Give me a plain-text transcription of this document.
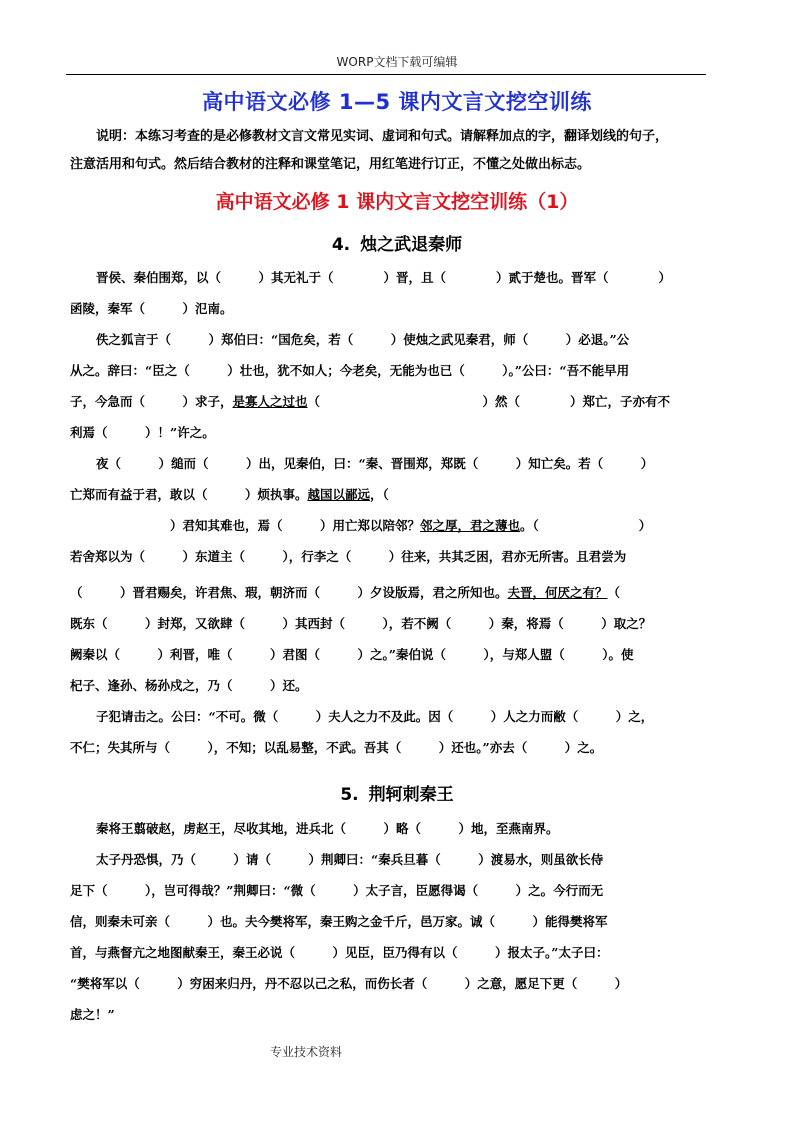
WORP文档下载可编辑
高中语文必修 1—5 课内文言文挖空训练

说明：本练习考查的是必修教材文言文常见实词、虚词和句式。请解释加点的字，翻译划线的句子，

注意活用和句式。然后结合教材的注释和课堂笔记，用红笔进行订正，不懂之处做出标志。
高中语文必修 1 课内文言文挖空训练（1）
4. 烛之武退秦师
晋侯、秦伯围郑，以（　　　）其无礼于（　　　　）晋，且（　　　　）贰于楚也。晋军（　　　　）
函陵，秦军（　　　）氾南。
佚之狐言于（　　　）郑伯曰：“国危矣，若（　　　）使烛之武见秦君，师（　　　）必退。”公
从之。辞曰：“臣之（　　　）壮也，犹不如人；今老矣，无能为也已（　　　）。”公曰：“吾不能早用
子，今急而（　　　）求子，是寡人之过也（　　　　　　　　　　　　　）然（　　　　）郑亡，子亦有不
利焉（　　　）！”许之。
夜（　　　）缒而（　　　）出，见秦伯，曰：“秦、晋围郑，郑既（　　　）知亡矣。若（　　　）
亡郑而有益于君，敢以（　　　）烦执事。越国以鄙远，（
　　　　　　　　）君知其难也，焉（　　　）用亡郑以陪邻？邻之厚，君之薄也。（　　　　　　　　）
若舍郑以为（　　　）东道主（　　　），行李之（　　　）往来，共其乏困，君亦无所害。且君尝为
（　　　）晋君赐矣，许君焦、瑕，朝济而（　　　）夕设版焉，君之所知也。夫晋，何厌之有？（
既东（　　　）封郑，又欲肆（　　　）其西封（　　　），若不阙（　　　）秦，将焉（　　　）取之？
阙秦以（　　　）利晋，唯（　　　）君图（　　　）之。”秦伯说（　　　），与郑人盟（　　　）。使
杞子、逢孙、杨孙戍之，乃（　　　）还。
子犯请击之。公曰：“不可。微（　　　）夫人之力不及此。因（　　　）人之力而敝（　　　）之，
不仁；失其所与（　　　），不知；以乱易整，不武。吾其（　　　）还也。”亦去（　　　）之。
5. 荆轲刺秦王
秦将王翦破赵，虏赵王，尽收其地，进兵北（　　　）略（　　　）地，至燕南界。
太子丹恐惧，乃（　　　）请（　　　）荆卿曰：“秦兵旦暮（　　　）渡易水，则虽欲长侍
足下（　　　），岂可得哉？”荆卿曰：“微（　　　）太子言，臣愿得谒（　　　）之。今行而无
信，则秦未可亲（　　　）也。夫今樊将军，秦王购之金千斤，邑万家。诚（　　　）能得樊将军
首，与燕督亢之地图献秦王，秦王必说（　　　）见臣，臣乃得有以（　　　）报太子。”太子曰：
“樊将军以（　　　）穷困来归丹，丹不忍以己之私，而伤长者（　　　）之意，愿足下更（　　　）
虑之！”
专业技术资料
